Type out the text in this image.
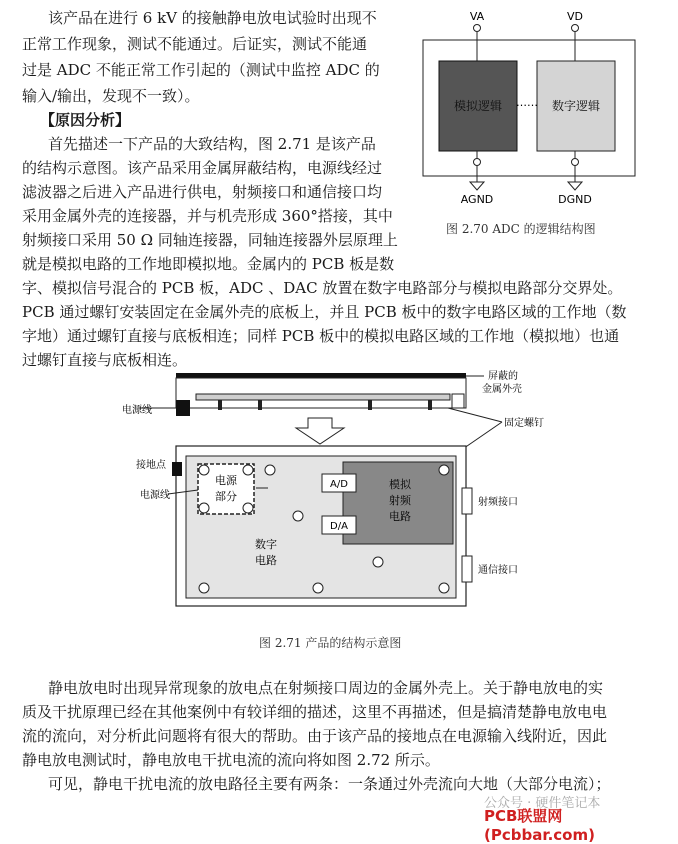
该产品在进行 6 kV 的接触静电放电试验时出现不
正常工作现象，测试不能通过。后证实，测试不能通
过是 ADC 不能正常工作引起的（测试中监控 ADC 的
输入/输出，发现不一致）。
【原因分析】
首先描述一下产品的大致结构，图 2.71 是该产品
的结构示意图。该产品采用金属屏蔽结构，电源线经过
滤波器之后进入产品进行供电，射频接口和通信接口均
采用金属外壳的连接器，并与机壳形成 360°搭接，其中
射频接口采用 50 Ω 同轴连接器，同轴连接器外层原理上
就是模拟电路的工作地即模拟地。金属内的 PCB 板是数
字、模拟信号混合的 PCB 板，ADC 、DAC 放置在数字电路部分与模拟电路部分交界处。
PCB 通过螺钉安装固定在金属外壳的底板上，并且 PCB 板中的数字电路区域的工作地（数
字地）通过螺钉直接与底板相连；同样 PCB 板中的模拟电路区域的工作地（模拟地）也通
过螺钉直接与底板相连。
VA	VD
模拟逻辑	数字逻辑
……
AGND	DGND
图 2.70 ADC 的逻辑结构图
电源线
屏蔽的
金属外壳
固定螺钉
A/D
D/A
电源
部分
模拟
射频
电路
数字
电路
接地点
电源线
射频接口
通信接口
图 2.71 产品的结构示意图
静电放电时出现异常现象的放电点在射频接口周边的金属外壳上。关于静电放电的实
质及干扰原理已经在其他案例中有较详细的描述，这里不再描述，但是搞清楚静电放电电
流的流向，对分析此问题将有很大的帮助。由于该产品的接地点在电源输入线附近，因此
静电放电测试时，静电放电干扰电流的流向将如图 2.72 所示。
可见，静电干扰电流的放电路径主要有两条：一条通过外壳流向大地（大部分电流）；
公众号 · 硬件笔记本
PCB联盟网 (Pcbbar.com)
